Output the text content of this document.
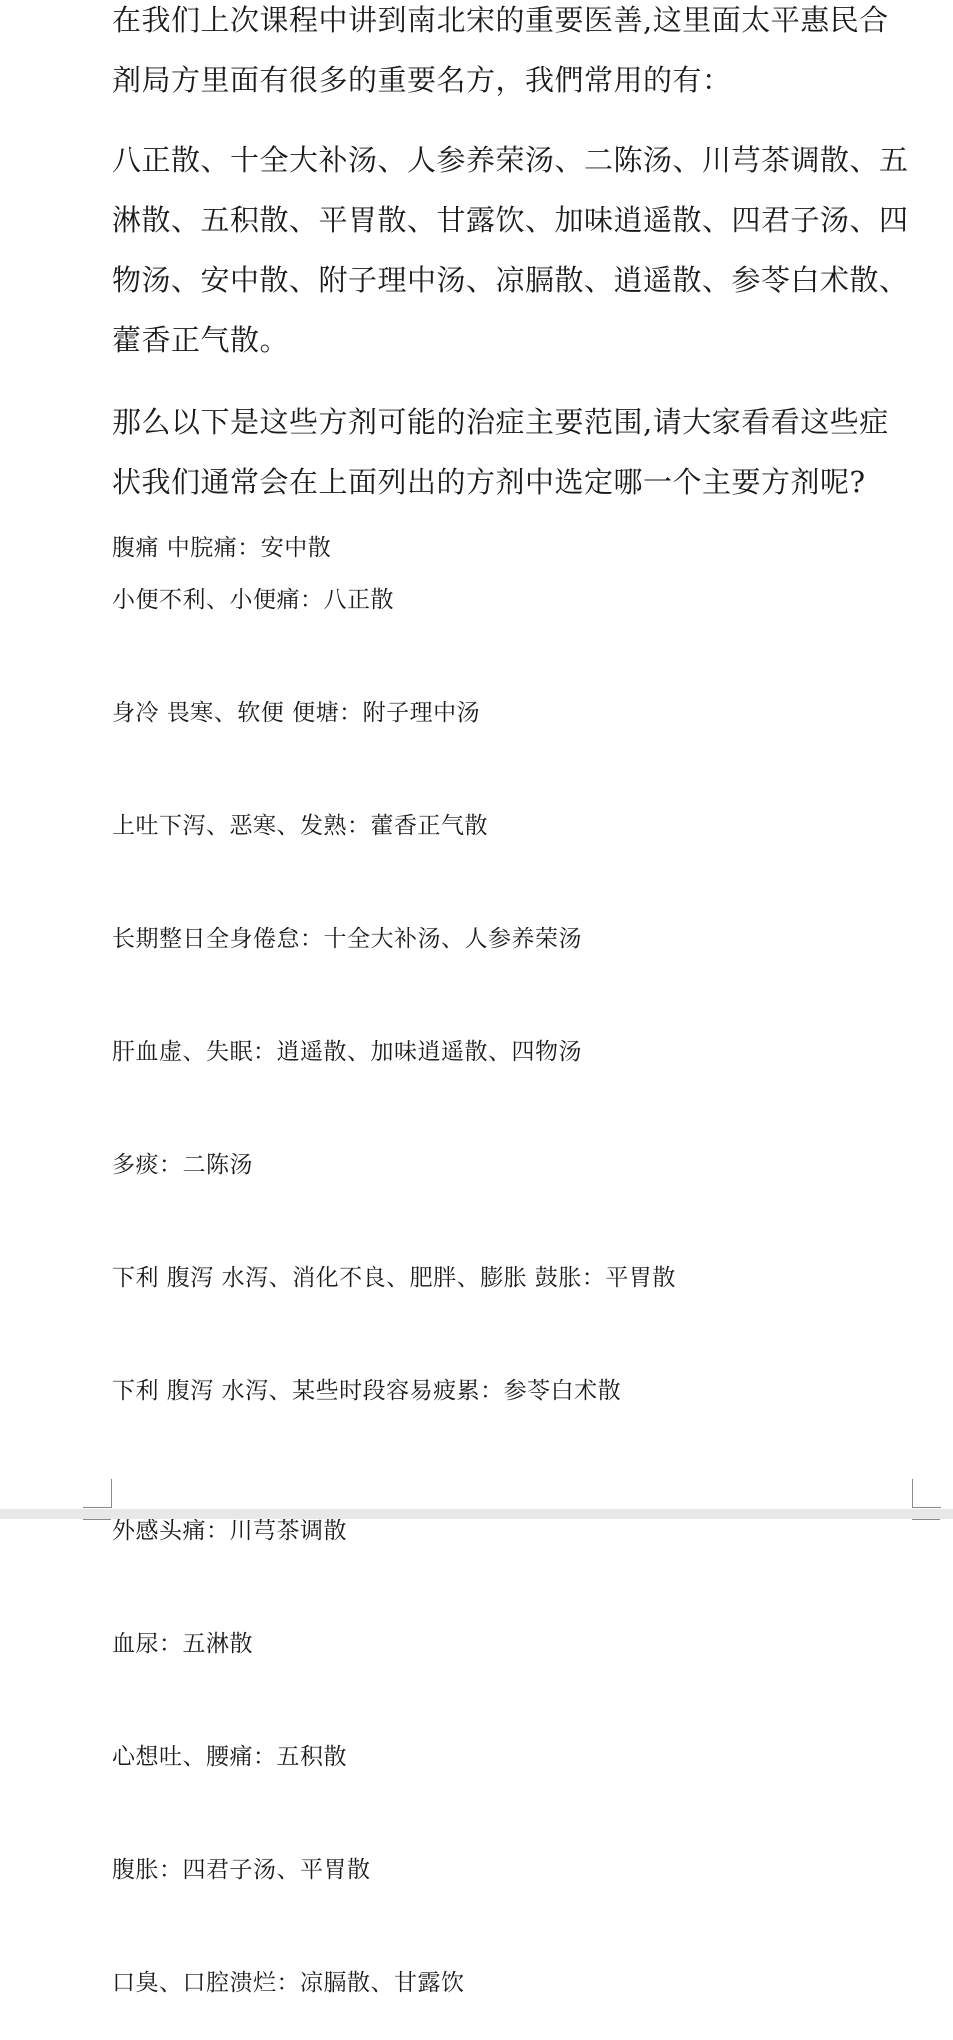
在我们上次课程中讲到南北宋的重要医善,这里面太平惠民合剤局方里面有很多的重要名方，我們常用的有：

八正散、十全大补汤、人参养荣汤、二陈汤、川芎茶调散、五淋散、五积散、平胃散、甘露饮、加味逍遥散、四君子汤、四物汤、安中散、附子理中汤、凉膈散、逍遥散、参苓白术散、藿香正气散。

那么以下是这些方剂可能的治症主要范围,请大家看看这些症状我们通常会在上面列出的方剂中选定哪一个主要方剂呢?

腹痛 中脘痛：安中散
小便不利、小便痛：八正散
身冷 畏寒、软便 便塘：附子理中汤
上吐下泻、恶寒、发熟：藿香正气散
长期整日全身倦怠：十全大补汤、人参养荣汤
肝血虚、失眠：逍遥散、加味逍遥散、四物汤
多痰：二陈汤
下利 腹泻 水泻、消化不良、肥胖、膨胀 鼓胀：平胃散
下利 腹泻 水泻、某些时段容易疲累：参苓白术散
外感头痛：川芎茶调散
血尿：五淋散
心想吐、腰痛：五积散
腹胀：四君子汤、平胃散
口臭、口腔溃烂：凉膈散、甘露饮
